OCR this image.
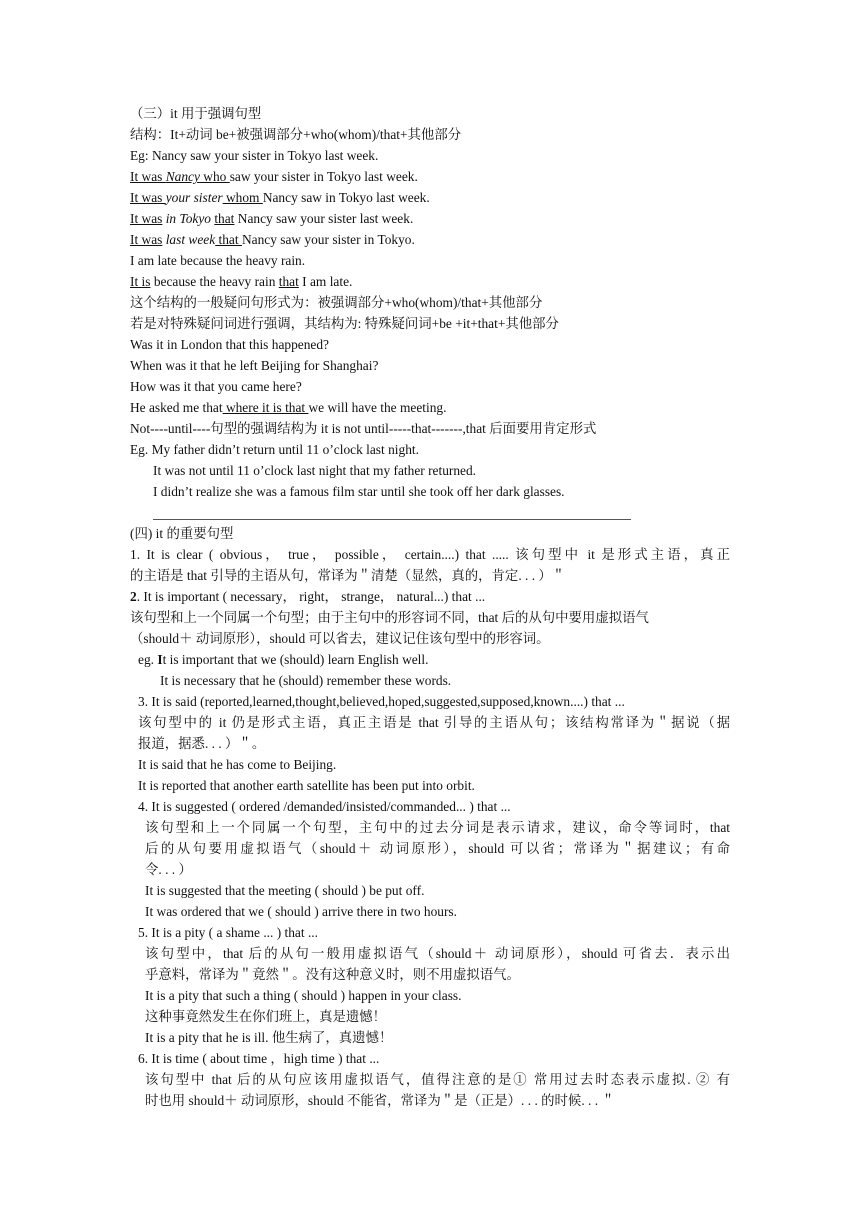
（三）it 用于强调句型
结构：It+动词 be+被强调部分+who(whom)/that+其他部分
Eg: Nancy saw your sister in Tokyo last week.
It was Nancy who saw your sister in Tokyo last week.
It was your sister whom Nancy saw in Tokyo last week.
It was in Tokyo that Nancy saw your sister last week.
It was last week that Nancy saw your sister in Tokyo.
I am late because the heavy rain.
It is because the heavy rain that I am late.
这个结构的一般疑问句形式为：被强调部分+who(whom)/that+其他部分
若是对特殊疑问词进行强调，其结构为: 特殊疑问词+be +it+that+其他部分
Was it in London that this happened?
When was it that he left Beijing for Shanghai?
How was it that you came here?
He asked me that where it is that we will have the meeting.
Not----until----句型的强调结构为 it is not until-----that-------,that 后面要用肯定形式
Eg. My father didn’t return until 11 o’clock last night.
It was not until 11 o’clock last night that my father returned.
I didn’t realize she was a famous film star until she took off her dark glasses.
(四) it 的重要句型
1. It is clear ( obvious， true， possible， certain....) that ..... 该句型中 it 是形式主语，真正
的主语是 that 引导的主语从句，常译为＂清楚（显然，真的，肯定. . . ）＂
2. It is important ( necessary， right， strange， natural...) that ...
该句型和上一个同属一个句型；由于主句中的形容词不同，that 后的从句中要用虚拟语气
（should＋ 动词原形），should 可以省去，建议记住该句型中的形容词。
eg. It is important that we (should) learn English well.
It is necessary that he (should) remember these words.
3. It is said (reported,learned,thought,believed,hoped,suggested,supposed,known....) that ...
该句型中的 it 仍是形式主语，真正主语是 that 引导的主语从句；该结构常译为＂据说（据
报道，据悉. . . ）＂。
It is said that he has come to Beijing.
It is reported that another earth satellite has been put into orbit.
4. It is suggested ( ordered /demanded/insisted/commanded... ) that ...
该句型和上一个同属一个句型，主句中的过去分词是表示请求，建议，命令等词时，that
后的从句要用虚拟语气（should＋ 动词原形），should 可以省；常译为＂据建议；有命
令. . . ）
It is suggested that the meeting ( should ) be put off.
It was ordered that we ( should ) arrive there in two hours.
5. It is a pity ( a shame ... ) that ...
该句型中，that 后的从句一般用虚拟语气（should＋ 动词原形），should 可省去．表示出
乎意料，常译为＂竟然＂。没有这种意义时，则不用虚拟语气。
It is a pity that such a thing ( should ) happen in your class.
这种事竟然发生在你们班上，真是遗憾！
It is a pity that he is ill. 他生病了，真遗憾！
6. It is time ( about time ，high time ) that ...
该句型中 that 后的从句应该用虚拟语气，值得注意的是① 常用过去时态表示虚拟. ② 有
时也用 should＋ 动词原形，should 不能省，常译为＂是（正是）. . . 的时候. . . ＂
